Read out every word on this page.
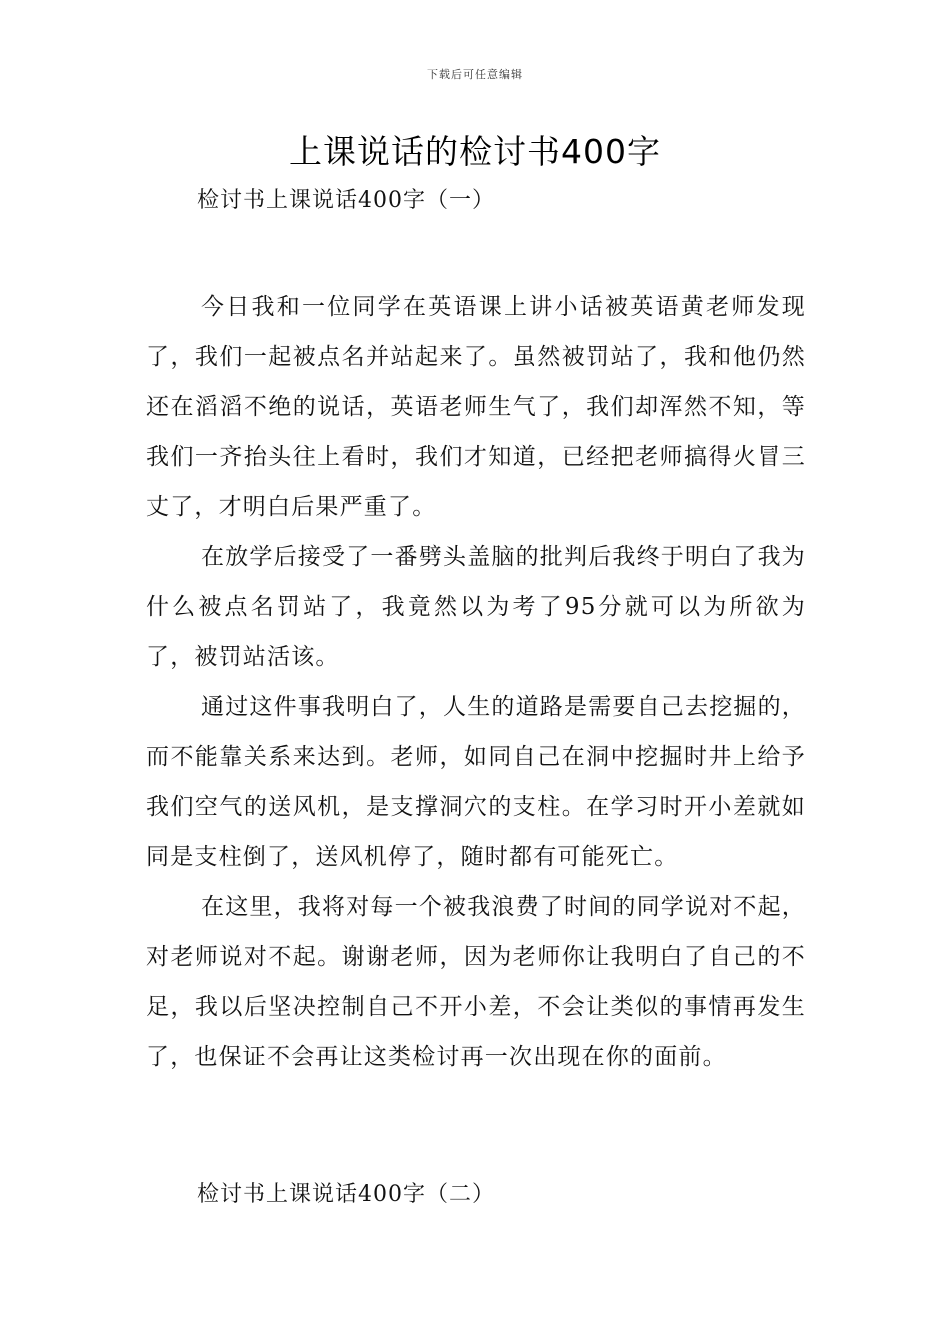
下载后可任意编辑
上课说话的检讨书400字
检讨书上课说话400字（一）

今日我和一位同学在英语课上讲小话被英语黄老师发现了，我们一起被点名并站起来了。虽然被罚站了，我和他仍然还在滔滔不绝的说话，英语老师生气了，我们却浑然不知，等我们一齐抬头往上看时，我们才知道，已经把老师搞得火冒三丈了，才明白后果严重了。

在放学后接受了一番劈头盖脑的批判后我终于明白了我为什么被点名罚站了，我竟然以为考了95分就可以为所欲为了，被罚站活该。

通过这件事我明白了，人生的道路是需要自己去挖掘的，而不能靠关系来达到。老师，如同自己在洞中挖掘时井上给予我们空气的送风机，是支撑洞穴的支柱。在学习时开小差就如同是支柱倒了，送风机停了，随时都有可能死亡。

在这里，我将对每一个被我浪费了时间的同学说对不起，对老师说对不起。谢谢老师，因为老师你让我明白了自己的不足，我以后坚决控制自己不开小差，不会让类似的事情再发生了，也保证不会再让这类检讨再一次出现在你的面前。

检讨书上课说话400字（二）
